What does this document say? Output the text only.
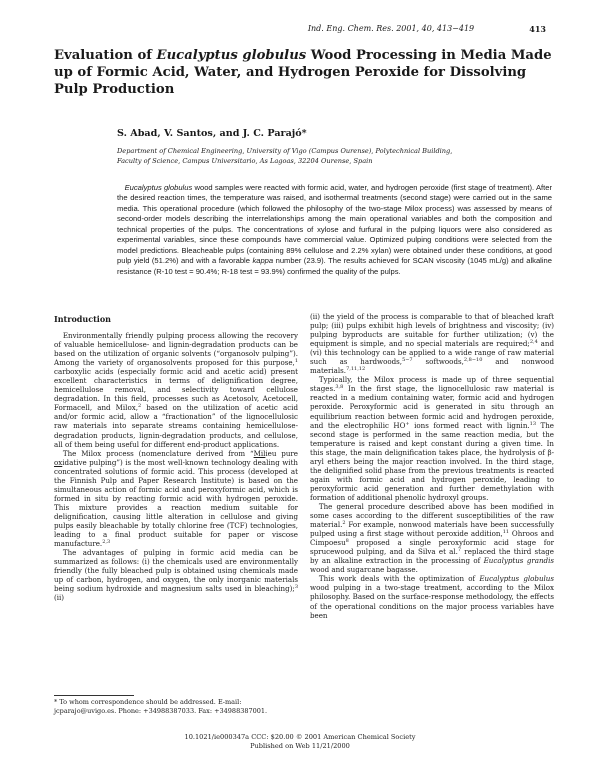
Ind. Eng. Chem. Res. 2001, 40, 413−419	413
Evaluation of Eucalyptus globulus Wood Processing in Media Made up of Formic Acid, Water, and Hydrogen Peroxide for Dissolving Pulp Production
S. Abad, V. Santos, and J. C. Parajó*
Department of Chemical Engineering, University of Vigo (Campus Ourense), Polytechnical Building,
Faculty of Science, Campus Universitario, As Lagoas, 32204 Ourense, Spain

Eucalyptus globulus wood samples were reacted with formic acid, water, and hydrogen peroxide (first stage of treatment). After the desired reaction times, the temperature was raised, and isothermal treatments (second stage) were carried out in the same media. This operational procedure (which followed the philosophy of the two-stage Milox process) was assessed by means of second-order models describing the interrelationships among the main operational variables and both the composition and technical properties of the pulps. The concentrations of xylose and furfural in the pulping liquors were also considered as experimental variables, since these compounds have commercial value. Optimized pulping conditions were selected from the model predictions. Bleacheable pulps (containing 89% cellulose and 2.2% xylan) were obtained under these conditions, at good pulp yield (51.2%) and with a favorable kappa number (23.9). The results achieved for SCAN viscosity (1045 mL/g) and alkaline resistance (R-10 test = 90.4%; R-18 test = 93.9%) confirmed the quality of the pulps.

Introduction

Environmentally friendly pulping process allowing the recovery of valuable hemicellulose- and lignin-degradation products can be based on the utilization of organic solvents (“organosolv pulping”). Among the variety of organosolvents proposed for this purpose,$^1$ carboxylic acids (especially formic acid and acetic acid) present excellent characteristics in terms of delignification degree, hemicellulose removal, and selectivity toward cellulose degradation. In this field, processes such as Acetosolv, Acetocell, Formacell, and Milox,$^2$ based on the utilization of acetic acid and/or formic acid, allow a “fractionation” of the lignocellulosic raw materials into separate streams containing hemicellulose-degradation products, lignin-degradation products, and cellulose, all of them being useful for different end-product applications.

The Milox process (nomenclature derived from “Milieu pure oxidative pulping”) is the most well-known technology dealing with concentrated solutions of formic acid. This process (developed at the Finnish Pulp and Paper Research Institute) is based on the simultaneous action of formic acid and peroxyformic acid, which is formed in situ by reacting formic acid with hydrogen peroxide. This mixture provides a reaction medium suitable for delignification, causing little alteration in cellulose and giving pulps easily bleachable by totally chlorine free (TCF) technologies, leading to a final product suitable for paper or viscose manufacture.$^{2,3}$

The advantages of pulping in formic acid media can be summarized as follows: (i) the chemicals used are environmentally friendly (the fully bleached pulp is obtained using chemicals made up of carbon, hydrogen, and oxygen, the only inorganic materials being sodium hydroxide and magnesium salts used in bleaching);$^3$ (ii)

(ii) the yield of the process is comparable to that of bleached kraft pulp; (iii) pulps exhibit high levels of brightness and viscosity; (iv) pulping byproducts are suitable for further utilization; (v) the equipment is simple, and no special materials are required;$^{2,4}$ and (vi) this technology can be applied to a wide range of raw material such as hardwoods,$^{5-7}$ softwoods,$^{2,8-10}$ and nonwood materials.$^{7,11,12}$

Typically, the Milox process is made up of three sequential stages.$^{3,8}$ In the first stage, the lignocellulosic raw material is reacted in a medium containing water, formic acid and hydrogen peroxide. Peroxyformic acid is generated in situ through an equilibrium reaction between formic acid and hydrogen peroxide, and the electrophilic HO+ ions formed react with lignin.$^{13}$ The second stage is performed in the same reaction media, but the temperature is raised and kept constant during a given time. In this stage, the main delignification takes place, the hydrolysis of β-aryl ethers being the major reaction involved. In the third stage, the delignified solid phase from the previous treatments is reacted again with formic acid and hydrogen peroxide, leading to peroxyformic acid generation and further demethylation with formation of additional phenolic hydroxyl groups.

The general procedure described above has been modified in some cases according to the different susceptibilities of the raw material.$^2$ For example, nonwood materials have been successfully pulped using a first stage without peroxide addition,$^{11}$ Ohroos and Cimpoesu$^8$ proposed a single peroxyformic acid stage for sprucewood pulping, and da Silva et al.$^7$ replaced the third stage by an alkaline extraction in the processing of Eucalyptus grandis wood and sugarcane bagasse.

This work deals with the optimization of Eucalyptus globulus wood pulping in a two-stage treatment, according to the Milox philosophy. Based on the surface-response methodology, the effects of the operational conditions on the major process variables have been

* To whom correspondence should be addressed. E-mail:

jcparajo@uvigo.es. Phone: +34988387033. Fax: +34988387001.

10.1021/ie000347a CCC: $20.00 © 2001 American Chemical Society
Published on Web 11/21/2000
